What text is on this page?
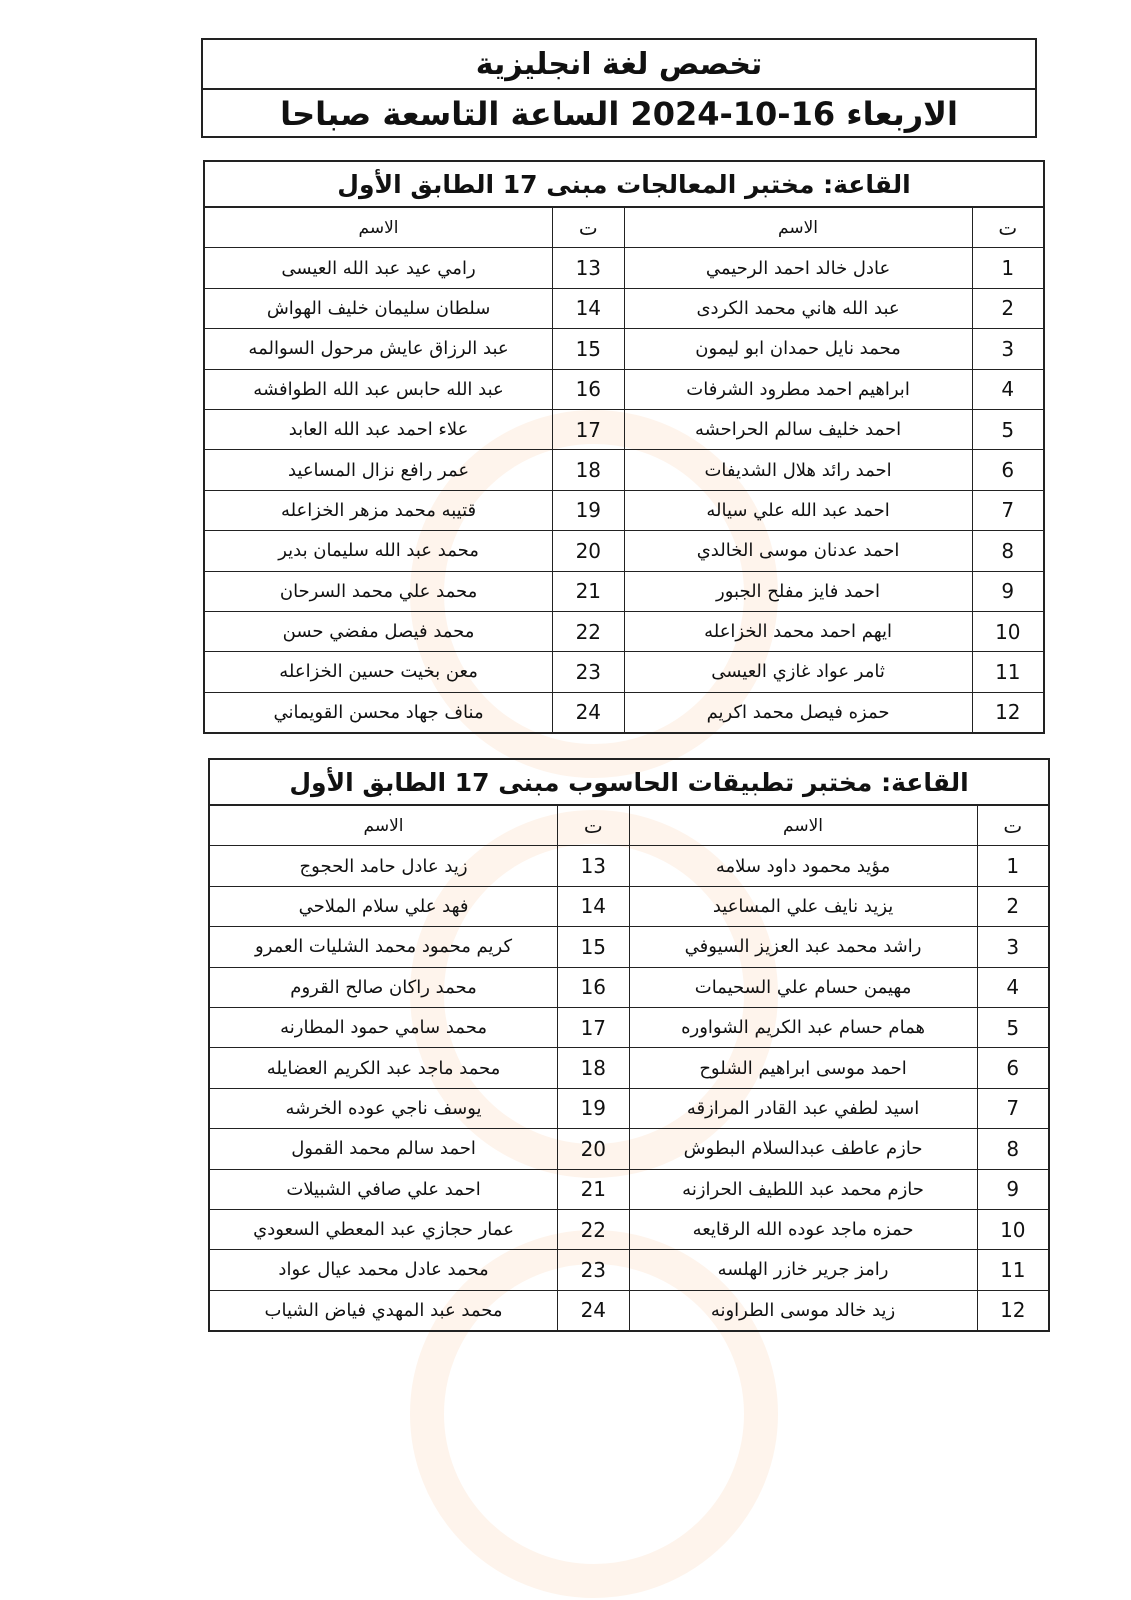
تخصص لغة انجليزية
الاربعاء 16-10-2024 الساعة التاسعة صباحا
القاعة: مختبر المعالجات مبنى 17 الطابق الأول
ت	الاسم	ت	الاسم
1	عادل خالد احمد الرحيمي	13	رامي عيد عبد الله العيسى
2	عبد الله هاني محمد الكردى	14	سلطان سليمان خليف الهواش
3	محمد نايل حمدان ابو ليمون	15	عبد الرزاق عايش مرحول السوالمه
4	ابراهيم احمد مطرود الشرفات	16	عبد الله حابس عبد الله الطوافشه
5	احمد خليف سالم الحراحشه	17	علاء احمد عبد الله العابد
6	احمد رائد هلال الشديفات	18	عمر رافع نزال المساعيد
7	احمد عبد الله علي سياله	19	قتيبه محمد مزهر الخزاعله
8	احمد عدنان موسى الخالدي	20	محمد عبد الله سليمان بدير
9	احمد فايز مفلح الجبور	21	محمد علي محمد السرحان
10	ايهم احمد محمد الخزاعله	22	محمد فيصل مفضي حسن
11	ثامر عواد غازي العيسى	23	معن بخيت حسين الخزاعله
12	حمزه فيصل محمد اكريم	24	مناف جهاد محسن القويماني
القاعة: مختبر تطبيقات الحاسوب مبنى 17 الطابق الأول
ت	الاسم	ت	الاسم
1	مؤيد محمود داود سلامه	13	زيد عادل حامد الحجوج
2	يزيد نايف علي المساعيد	14	فهد علي سلام الملاحي
3	راشد محمد عبد العزيز السيوفي	15	كريم محمود محمد الشليات العمرو
4	مهيمن حسام علي السحيمات	16	محمد راكان صالح القروم
5	همام حسام عبد الكريم الشواوره	17	محمد سامي حمود المطارنه
6	احمد موسى ابراهيم الشلوح	18	محمد ماجد عبد الكريم العضايله
7	اسيد لطفي عبد القادر المرازقه	19	يوسف ناجي عوده الخرشه
8	حازم عاطف عبدالسلام البطوش	20	احمد سالم محمد القمول
9	حازم محمد عبد اللطيف الحرازنه	21	احمد علي صافي الشبيلات
10	حمزه ماجد عوده الله الرقايعه	22	عمار حجازي عبد المعطي السعودي
11	رامز جرير خازر الهلسه	23	محمد عادل محمد عيال عواد
12	زيد خالد موسى الطراونه	24	محمد عبد المهدي فياض الشياب
